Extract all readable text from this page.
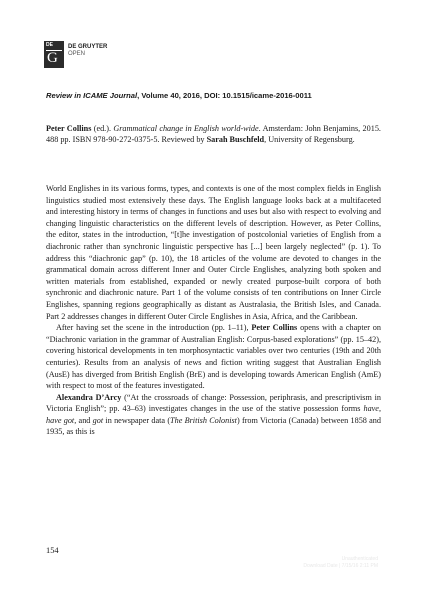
DE
G
DE GRUYTER
OPEN
Review in ICAME Journal, Volume 40, 2016, DOI: 10.1515/icame-2016-0011
Peter Collins (ed.). Grammatical change in English world-wide. Amsterdam: John Benjamins, 2015. 488 pp. ISBN 978-90-272-0375-5. Reviewed by Sarah Buschfeld, University of Regensburg.

World Englishes in its various forms, types, and contexts is one of the most complex fields in English linguistics studied most extensively these days. The English language looks back at a multifaceted and interesting history in terms of changes in functions and uses but also with respect to evolving and changing linguistic characteristics on the different levels of description. However, as Peter Collins, the editor, states in the introduction, “[t]he investigation of postcolonial varieties of English from a diachronic rather than synchronic linguistic perspective has [...] been largely neglected” (p. 1). To address this “diachronic gap” (p. 10), the 18 articles of the volume are devoted to changes in the grammatical domain across different Inner and Outer Circle Englishes, analyzing both spoken and written materials from established, expanded or newly created purpose-built corpora of both synchronic and diachronic nature. Part 1 of the volume consists of ten contributions on Inner Circle Englishes, spanning regions geographically as distant as Australasia, the British Isles, and Canada. Part 2 addresses changes in different Outer Circle Englishes in Asia, Africa, and the Caribbean.

After having set the scene in the introduction (pp. 1–11), Peter Collins opens with a chapter on “Diachronic variation in the grammar of Australian English: Corpus-based explorations” (pp. 15–42), covering historical developments in ten morphosyntactic variables over two centuries (19th and 20th centuries). Results from an analysis of news and fiction writing suggest that Australian English (AusE) has diverged from British English (BrE) and is developing towards American English (AmE) with respect to most of the features investigated.

Alexandra D’Arcy (“At the crossroads of change: Possession, periphrasis, and prescriptivism in Victoria English”; pp. 43–63) investigates changes in the use of the stative possession forms have, have got, and got in newspaper data (The British Colonist) from Victoria (Canada) between 1858 and 1935, as this is

154
Unauthenticated
Download Date | 7/15/16 2:11 PM
